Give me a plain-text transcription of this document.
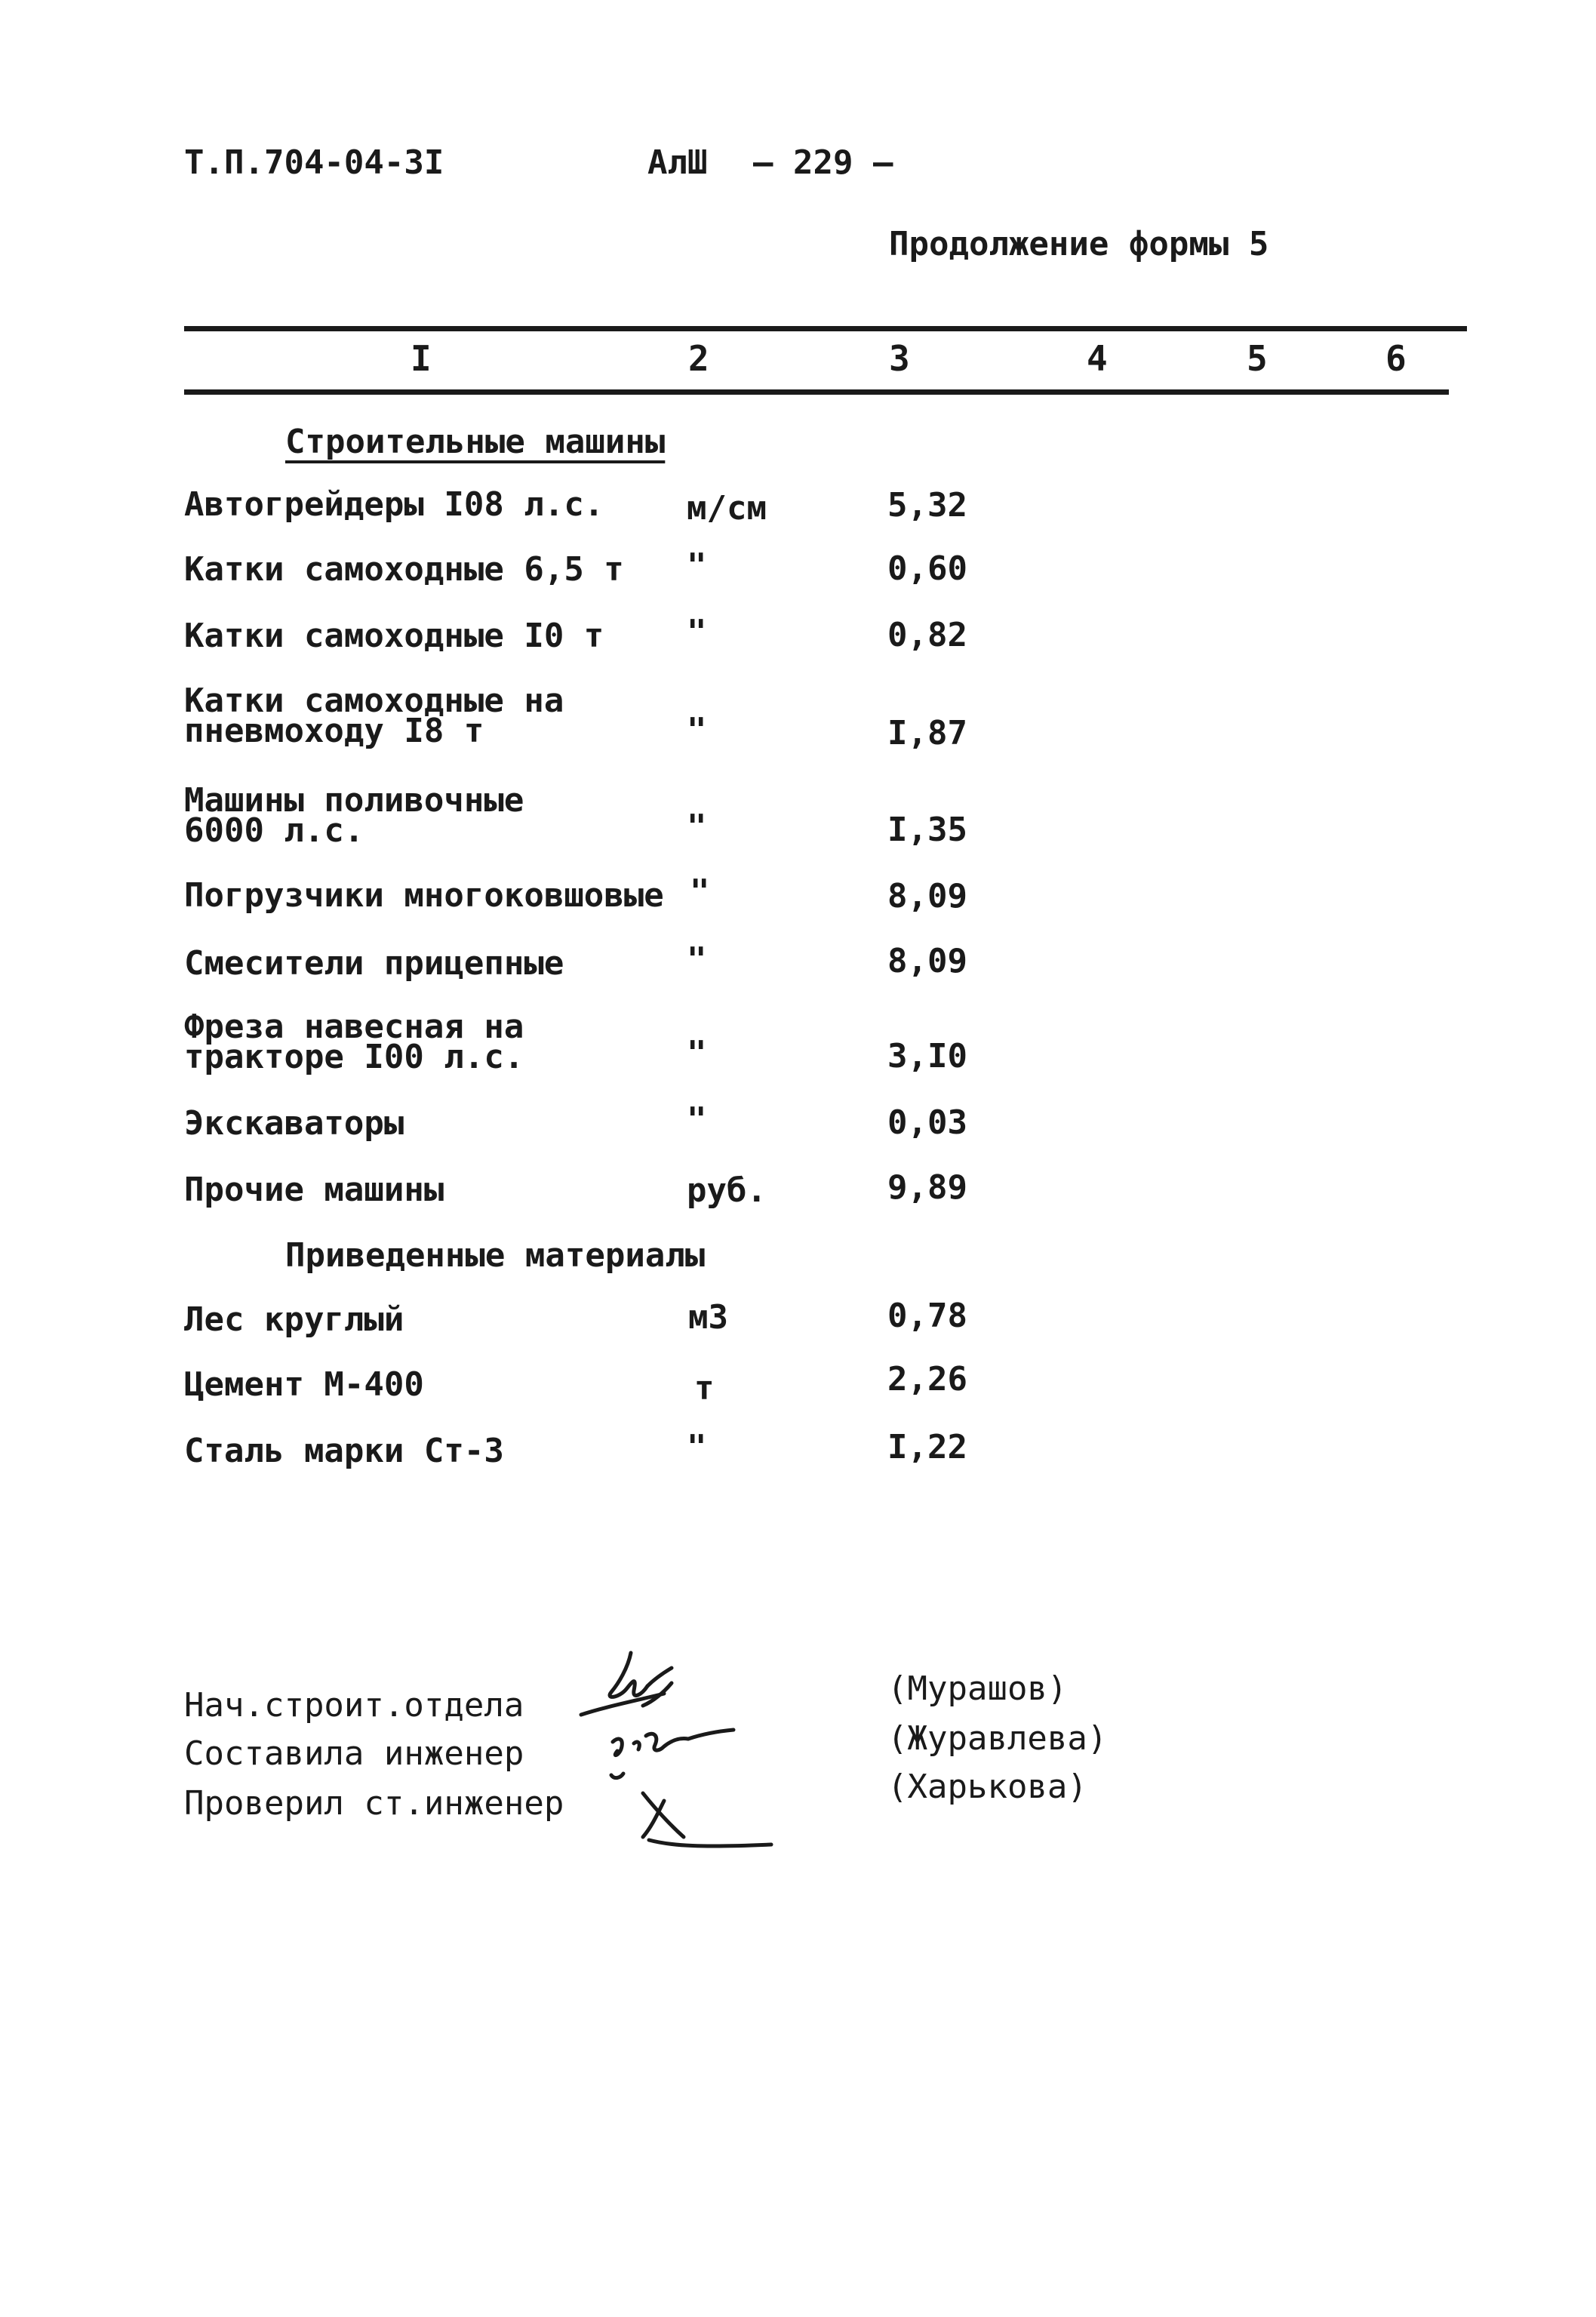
Т.П.704-04-3I	АлШ — 229 —
Продолжение формы 5
I	2	3	4	5	6
Строительные машины
Автогрейдеры I08 л.с. м/см	5,32
Катки самоходные 6,5 т "	0,60
Катки самоходные I0 т "	0,82
Катки самоходные на
пневмоходу I8 т	"	I,87
Машины поливочные
6000 л.с.	"	I,35
Погрузчики многоковшовые "	8,09
Смесители прицепные	"	8,09
Фреза навесная на
тракторе I00 л.с.	"	3,I0
Экскаваторы	"	0,03
Прочие машины	руб.	9,89
Приведенные материалы
Лес круглый	м3	0,78
Цемент М-400	т	2,26
Сталь марки Ст-3	"	I,22
Нач.строит.отдела
Составила инженер
Проверил ст.инженер
(Мурашов)
(Журавлева)
(Харькова)
